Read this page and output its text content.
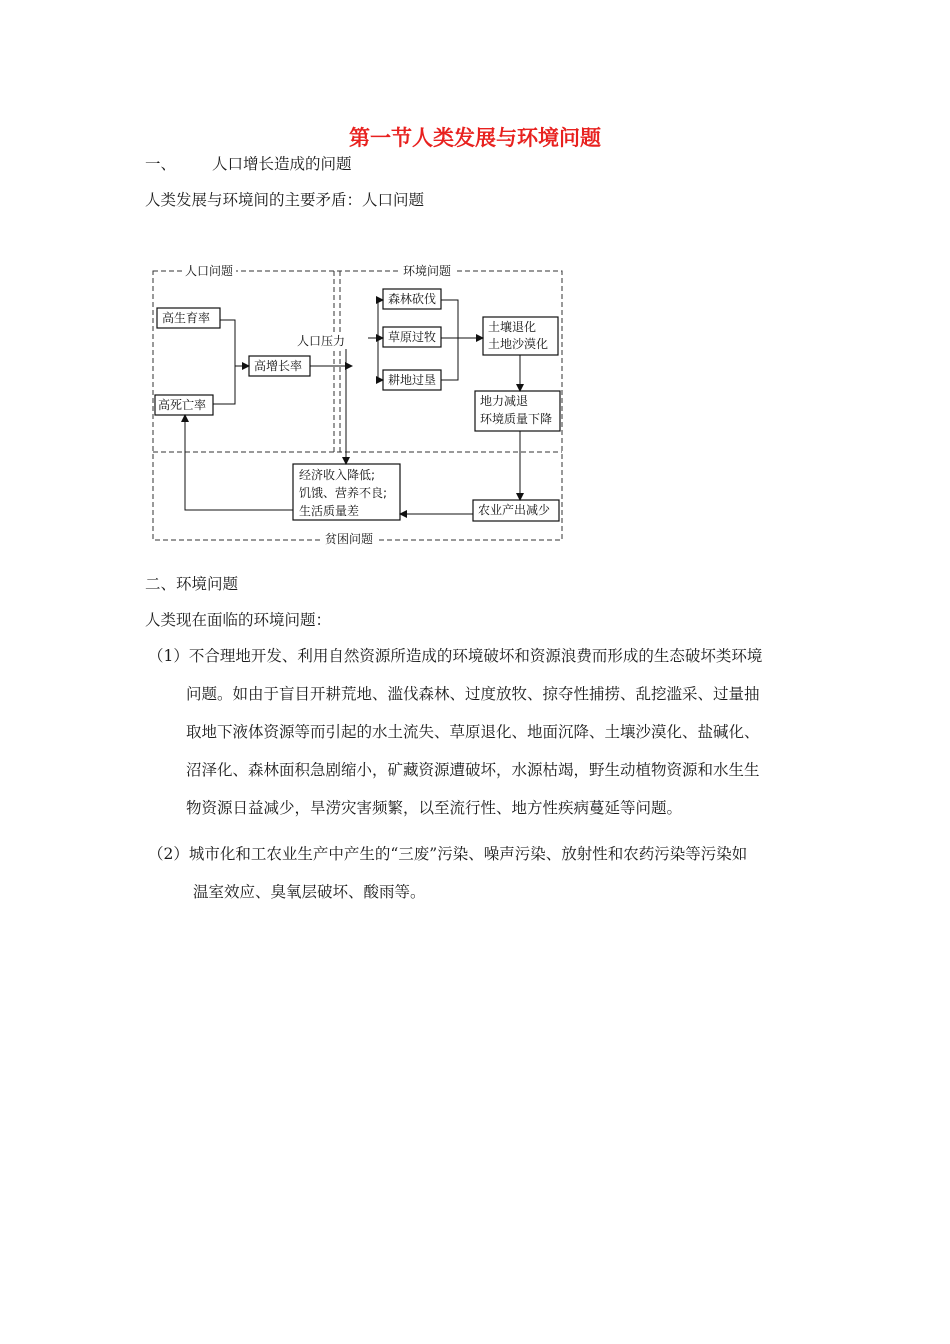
第一节人类发展与环境问题
一、 人口增长造成的问题
人类发展与环境间的主要矛盾：人口问题
人口问题	环境问题
贫困问题
高生育率
高死亡率
高增长率
人口压力
森林砍伐
草原过牧
耕地过垦
土壤退化
土地沙漠化
地力减退
环境质量下降
农业产出减少
经济收入降低;
饥饿、营养不良;
生活质量差
二、环境问题
人类现在面临的环境问题：
（1）不合理地开发、利用自然资源所造成的环境破坏和资源浪费而形成的生态破坏类环境
问题。如由于盲目开耕荒地、滥伐森林、过度放牧、掠夺性捕捞、乱挖滥采、过量抽
取地下液体资源等而引起的水土流失、草原退化、地面沉降、土壤沙漠化、盐碱化、
沼泽化、森林面积急剧缩小，矿藏资源遭破坏，水源枯竭，野生动植物资源和水生生
物资源日益减少，旱涝灾害频繁，以至流行性、地方性疾病蔓延等问题。
（2）城市化和工农业生产中产生的“三废”污染、噪声污染、放射性和农药污染等污染如
温室效应、臭氧层破坏、酸雨等。
